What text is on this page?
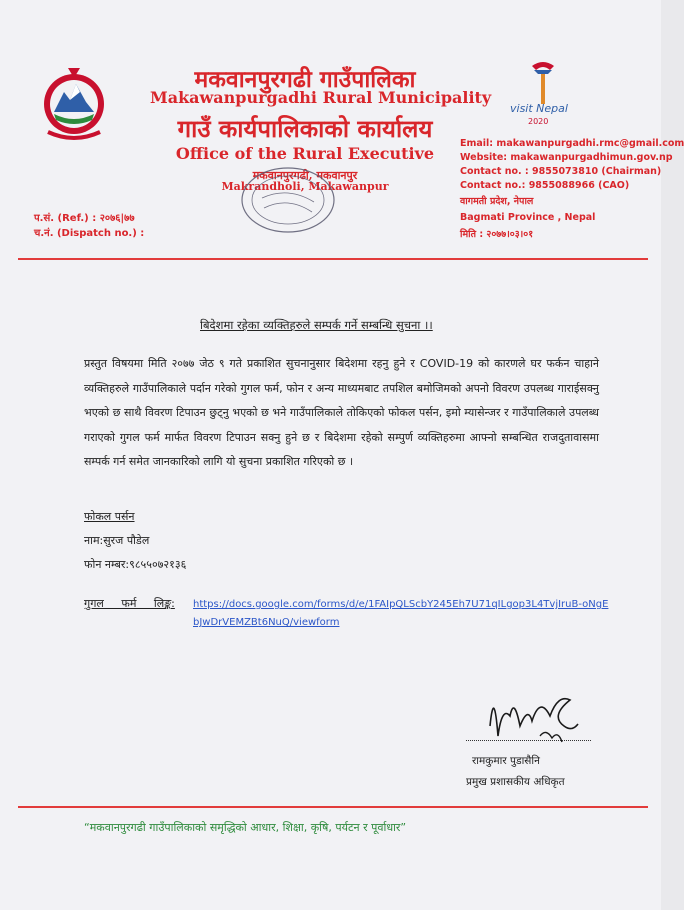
मकवानपुरगढी गाउँपालिका
Makawanpurgadhi Rural Municipality
गाउँ कार्यपालिकाको कार्यालय
Office of the Rural Executive
मकवानपुरगढी, मकवानपुर
Makrandholi, Makawanpur
visit Nepal
2020
Email: makawanpurgadhi.rmc@gmail.com
Website: makawanpurgadhimun.gov.np
Contact no. : 9855073810 (Chairman)
Contact no.: 9855088966 (CAO)
वागमती प्रदेश, नेपाल
Bagmati Province , Nepal
मिति : २०७७।०३।०१
प.सं. (Ref.) : २०७६|७७
च.नं. (Dispatch no.) :
बिदेशमा रहेका व्यक्तिहरुले सम्पर्क गर्ने सम्बन्धि सुचना ।।
प्रस्तुत विषयमा मिति २०७७ जेठ ९ गते प्रकाशित सुचनानुसार बिदेशमा रहनु हुने र COVID-19 को कारणले घर फर्कन चाहाने व्यक्तिहरुले गाउँपालिकाले पर्दान गरेको गुगल फर्म, फोन र अन्य माध्यमबाट तपशिल बमोजिमको अपनो विवरण उपलब्ध गाराईसक्नु भएको छ साथै विवरण टिपाउन छुट्नु भएको छ भने गाउँपालिकाले तोकिएको फोकल पर्सन, इमो म्यासेन्जर र गाउँपालिकाले उपलब्ध गराएको गुगल फर्म मार्फत विवरण टिपाउन सक्नु हुने छ र बिदेशमा रहेको सम्पुर्ण व्यक्तिहरुमा आफ्नो सम्बन्धित राजदुतावासमा सम्पर्क गर्न समेत जानकारिको लागि यो सुचना प्रकाशित गरिएको छ ।
फोकल पर्सन
नाम:सुरज पौडेल
फोन नम्बर:९८५५०७२१३६
गुगल फर्म लिङ्क: https://docs.google.com/forms/d/e/1FAIpQLScbY245Eh7U71qILgop3L4TvjIruB-oNgEbJwDrVEMZBt6NuQ/viewform
रामकुमार पुडासैनि
प्रमुख प्रशासकीय अधिकृत
“मकवानपुरगढी गाउँपालिकाको समृद्धिको आधार, शिक्षा, कृषि, पर्यटन र पूर्वाधार”
